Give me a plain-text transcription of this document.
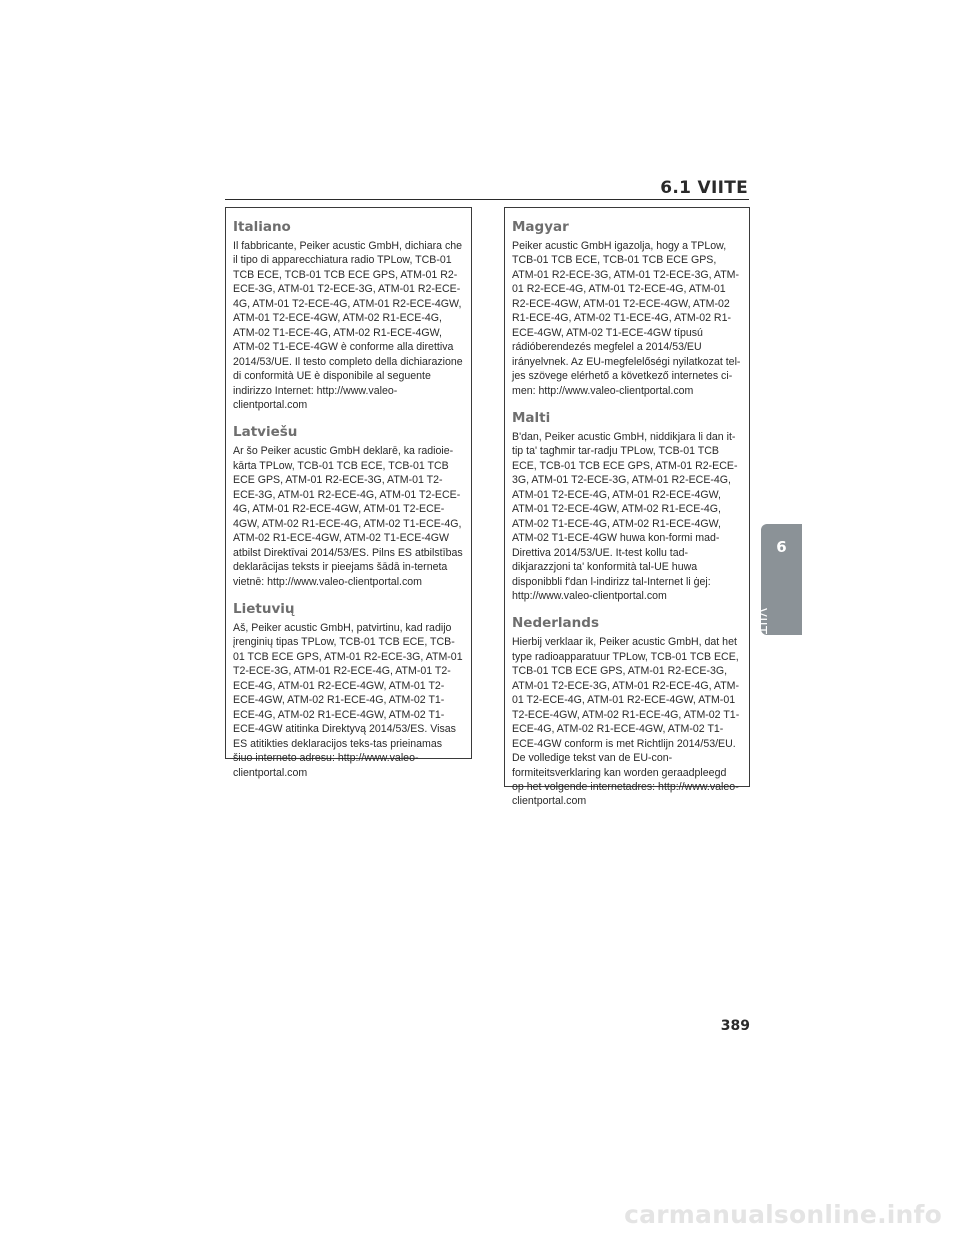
6.1 VIITE
Italiano

Il fabbricante, Peiker acustic GmbH, dichiara che il tipo di apparecchiatura radio TPLow, TCB-01 TCB ECE, TCB-01 TCB ECE GPS, ATM-01 R2-ECE-3G, ATM-01 T2-ECE-3G, ATM-01 R2-ECE-4G, ATM-01 T2-ECE-4G, ATM-01 R2-ECE-4GW, ATM-01 T2-ECE-4GW, ATM-02 R1-ECE-4G, ATM-02 T1-ECE-4G, ATM-02 R1-ECE-4GW, ATM-02 T1-ECE-4GW è conforme alla direttiva 2014/53/UE. Il testo completo della dichiarazione di conformità UE è disponibile al seguente indirizzo Internet: http://www.valeo-clientportal.com

Latviešu

Ar šo Peiker acustic GmbH deklarē, ka radioie-kārta TPLow, TCB-01 TCB ECE, TCB-01 TCB ECE GPS, ATM-01 R2-ECE-3G, ATM-01 T2-ECE-3G, ATM-01 R2-ECE-4G, ATM-01 T2-ECE-4G, ATM-01 R2-ECE-4GW, ATM-01 T2-ECE-4GW, ATM-02 R1-ECE-4G, ATM-02 T1-ECE-4G, ATM-02 R1-ECE-4GW, ATM-02 T1-ECE-4GW atbilst Direktīvai 2014/53/ES. Pilns ES atbilstības deklarācijas teksts ir pieejams šādā in-terneta vietnē: http://www.valeo-clientportal.com

Lietuvių

Aš, Peiker acustic GmbH, patvirtinu, kad radijo įrenginių tipas TPLow, TCB-01 TCB ECE, TCB-01 TCB ECE GPS, ATM-01 R2-ECE-3G, ATM-01 T2-ECE-3G, ATM-01 R2-ECE-4G, ATM-01 T2-ECE-4G, ATM-01 R2-ECE-4GW, ATM-01 T2-ECE-4GW, ATM-02 R1-ECE-4G, ATM-02 T1-ECE-4G, ATM-02 R1-ECE-4GW, ATM-02 T1-ECE-4GW atitinka Direktyvą 2014/53/ES. Visas ES atitikties deklaracijos teks-tas prieinamas šiuo interneto adresu: http://www.valeo-clientportal.com

Magyar

Peiker acustic GmbH igazolja, hogy a TPLow, TCB-01 TCB ECE, TCB-01 TCB ECE GPS, ATM-01 R2-ECE-3G, ATM-01 T2-ECE-3G, ATM-01 R2-ECE-4G, ATM-01 T2-ECE-4G, ATM-01 R2-ECE-4GW, ATM-01 T2-ECE-4GW, ATM-02 R1-ECE-4G, ATM-02 T1-ECE-4G, ATM-02 R1-ECE-4GW, ATM-02 T1-ECE-4GW típusú rádióberendezés megfelel a 2014/53/EU irányelvnek. Az EU-megfelelőségi nyilatkozat tel-jes szövege elérhető a következő internetes ci-men: http://www.valeo-clientportal.com

Malti

B'dan, Peiker acustic GmbH, niddikjara li dan it-tip ta' tagħmir tar-radju TPLow, TCB-01 TCB ECE, TCB-01 TCB ECE GPS, ATM-01 R2-ECE-3G, ATM-01 T2-ECE-3G, ATM-01 R2-ECE-4G, ATM-01 T2-ECE-4G, ATM-01 R2-ECE-4GW, ATM-01 T2-ECE-4GW, ATM-02 R1-ECE-4G, ATM-02 T1-ECE-4G, ATM-02 R1-ECE-4GW, ATM-02 T1-ECE-4GW huwa kon-formi mad-Direttiva 2014/53/UE. It-test kollu tad-dikjarazzjoni ta' konformità tal-UE huwa disponibbli f'dan l-indirizz tal-Internet li ġej: http://www.valeo-clientportal.com

Nederlands

Hierbij verklaar ik, Peiker acustic GmbH, dat het type radioapparatuur TPLow, TCB-01 TCB ECE, TCB-01 TCB ECE GPS, ATM-01 R2-ECE-3G, ATM-01 T2-ECE-3G, ATM-01 R2-ECE-4G, ATM-01 T2-ECE-4G, ATM-01 R2-ECE-4GW, ATM-01 T2-ECE-4GW, ATM-02 R1-ECE-4G, ATM-02 T1-ECE-4G, ATM-02 R1-ECE-4GW, ATM-02 T1-ECE-4GW conform is met Richtlijn 2014/53/EU. De volledige tekst van de EU-con-formiteitsverklaring kan worden geraadpleegd op het volgende internetadres: http://www.valeo-clientportal.com

6
VIITE
389
carmanualsonline.info
